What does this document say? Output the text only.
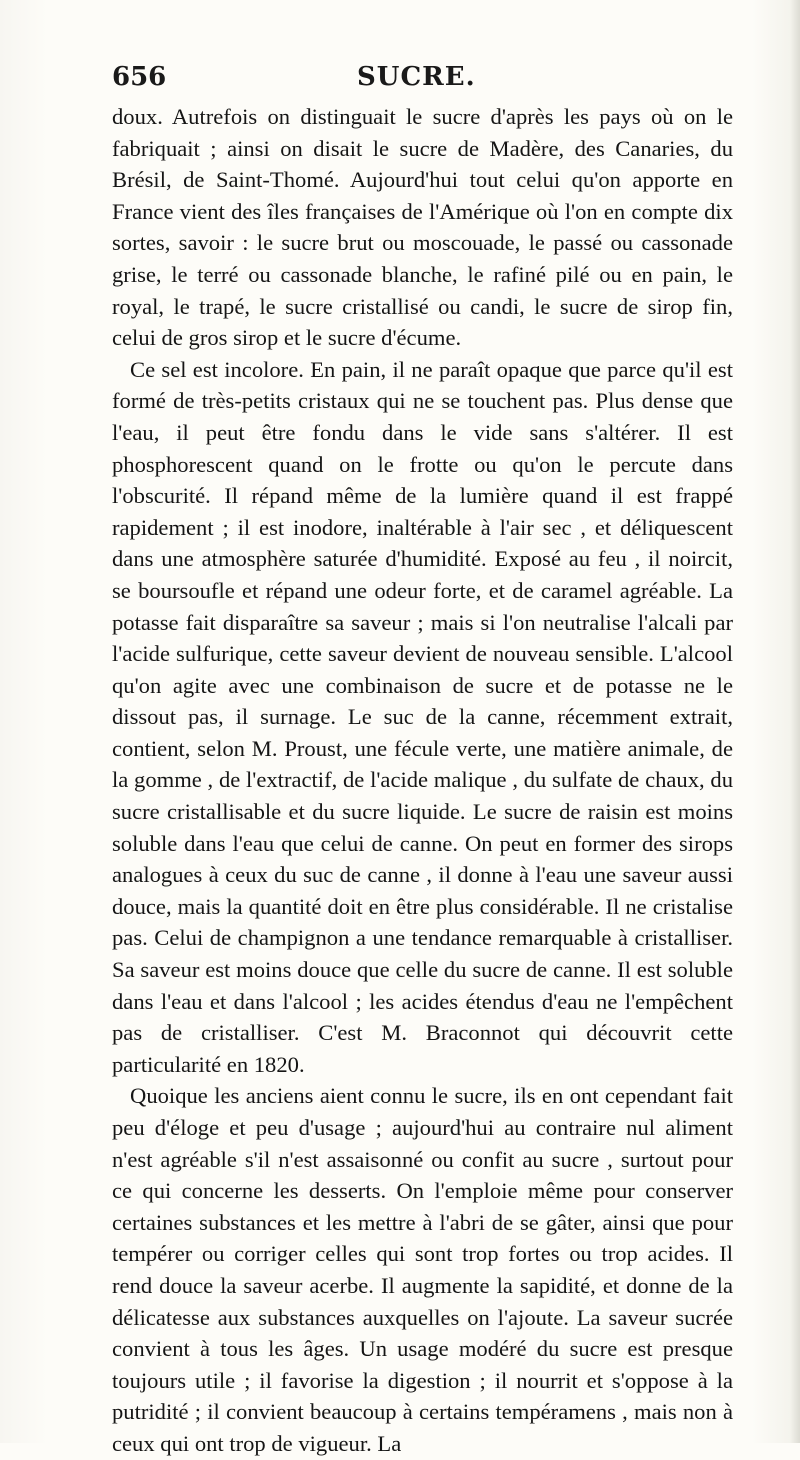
656	SUCRE.

doux. Autrefois on distinguait le sucre d'après les pays où on le fabriquait ; ainsi on disait le sucre de Madère, des Canaries, du Brésil, de Saint-Thomé. Aujourd'hui tout celui qu'on apporte en France vient des îles françaises de l'Amérique où l'on en compte dix sortes, savoir : le sucre brut ou moscouade, le passé ou cassonade grise, le terré ou cassonade blanche, le rafiné pilé ou en pain, le royal, le trapé, le sucre cristallisé ou candi, le sucre de sirop fin, celui de gros sirop et le sucre d'écume.

Ce sel est incolore. En pain, il ne paraît opaque que parce qu'il est formé de très-petits cristaux qui ne se touchent pas. Plus dense que l'eau, il peut être fondu dans le vide sans s'altérer. Il est phosphorescent quand on le frotte ou qu'on le percute dans l'obscurité. Il répand même de la lumière quand il est frappé rapidement ; il est inodore, inaltérable à l'air sec , et déliquescent dans une atmosphère saturée d'humidité. Exposé au feu , il noircit, se boursoufle et répand une odeur forte, et de caramel agréable. La potasse fait disparaître sa saveur ; mais si l'on neutralise l'alcali par l'acide sulfurique, cette saveur devient de nouveau sensible. L'alcool qu'on agite avec une combinaison de sucre et de potasse ne le dissout pas, il surnage. Le suc de la canne, récemment extrait, contient, selon M. Proust, une fécule verte, une matière animale, de la gomme , de l'extractif, de l'acide malique , du sulfate de chaux, du sucre cristallisable et du sucre liquide. Le sucre de raisin est moins soluble dans l'eau que celui de canne. On peut en former des sirops analogues à ceux du suc de canne , il donne à l'eau une saveur aussi douce, mais la quantité doit en être plus considérable. Il ne cristalise pas. Celui de champignon a une tendance remarquable à cristalliser. Sa saveur est moins douce que celle du sucre de canne. Il est soluble dans l'eau et dans l'alcool ; les acides étendus d'eau ne l'empêchent pas de cristalliser. C'est M. Braconnot qui découvrit cette particularité en 1820.

Quoique les anciens aient connu le sucre, ils en ont cependant fait peu d'éloge et peu d'usage ; aujourd'hui au contraire nul aliment n'est agréable s'il n'est assaisonné ou confit au sucre , surtout pour ce qui concerne les desserts. On l'emploie même pour conserver certaines substances et les mettre à l'abri de se gâter, ainsi que pour tempérer ou corriger celles qui sont trop fortes ou trop acides. Il rend douce la saveur acerbe. Il augmente la sapidité, et donne de la délicatesse aux substances auxquelles on l'ajoute. La saveur sucrée convient à tous les âges. Un usage modéré du sucre est presque toujours utile ; il favorise la digestion ; il nourrit et s'oppose à la putridité ; il convient beaucoup à certains tempéramens , mais non à ceux qui ont trop de vigueur. La
